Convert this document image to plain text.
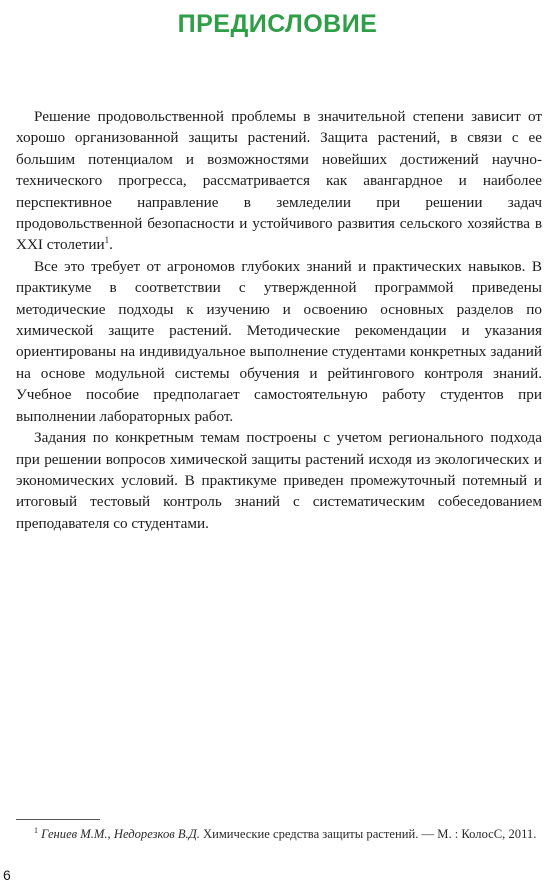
ПРЕДИСЛОВИЕ

Решение продовольственной проблемы в значительной степени зависит от хорошо организованной защиты растений. Защита растений, в связи с ее большим потенциалом и возможностями новейших достижений научно-технического прогресса, рассматривается как авангардное и наиболее перспективное направление в земледелии при решении задач продовольственной безопасности и устойчивого развития сельского хозяйства в XXI столетии$^1$.

Все это требует от агрономов глубоких знаний и практических навыков. В практикуме в соответствии с утвержденной программой приведены методические подходы к изучению и освоению основных разделов по химической защите растений. Методические рекомендации и указания ориентированы на индивидуальное выполнение студентами конкретных заданий на основе модульной системы обучения и рейтингового контроля знаний. Учебное пособие предполагает самостоятельную работу студентов при выполнении лабораторных работ.

Задания по конкретным темам построены с учетом регионального подхода при решении вопросов химической защиты растений исходя из экологических и экономических условий. В практикуме приведен промежуточный потемный и итоговый тестовый контроль знаний с систематическим собеседованием преподавателя со студентами.

$^1$ Гениев М.М., Недорезков В.Д. Химические средства защиты растений. — М. : КолосС, 2011.

6
